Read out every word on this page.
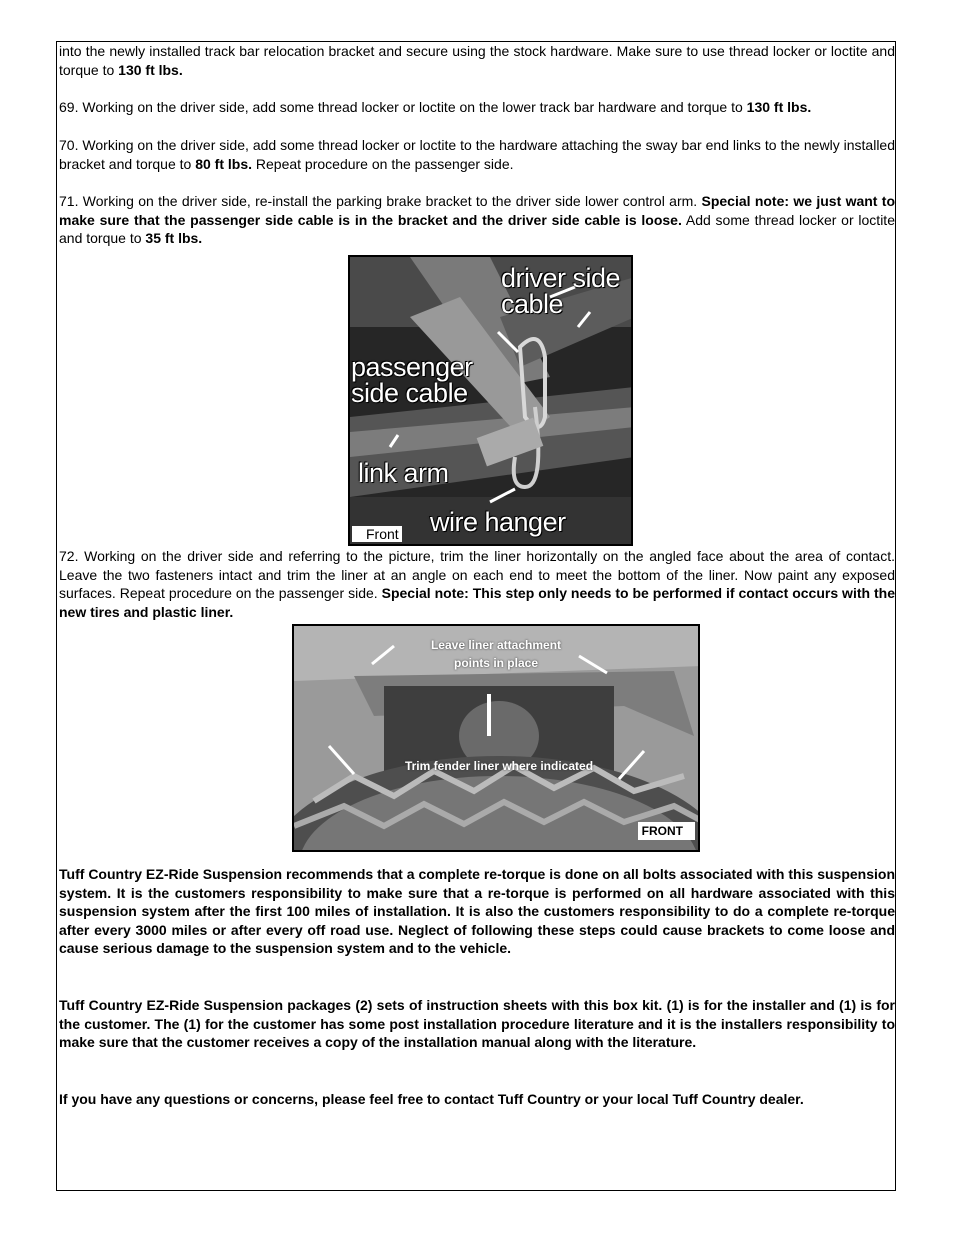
into the newly installed track bar relocation bracket and secure using the stock hardware. Make sure to use thread locker or loctite and torque to 130 ft lbs.

69. Working on the driver side, add some thread locker or loctite on the lower track bar hardware and torque to 130 ft lbs.

70. Working on the driver side, add some thread locker or loctite to the hardware attaching the sway bar end links to the newly installed bracket and torque to 80 ft lbs. Repeat procedure on the passenger side.

71. Working on the driver side, re-install the parking brake bracket to the driver side lower control arm. Special note: we just want to make sure that the passenger side cable is in the bracket and the driver side cable is loose. Add some thread locker or loctite and torque to 35 ft lbs.

driver side
cable
passenger
side cable
link arm
wire hanger
Front

72. Working on the driver side and referring to the picture, trim the liner horizontally on the angled face about the area of contact. Leave the two fasteners intact and trim the liner at an angle on each end to meet the bottom of the liner. Now paint any exposed surfaces. Repeat procedure on the passenger side. Special note: This step only needs to be performed if contact occurs with the new tires and plastic liner.

Leave liner attachment
points in place
Trim fender liner where indicated
FRONT

Tuff Country EZ-Ride Suspension recommends that a complete re-torque is done on all bolts associated with this suspension system. It is the customers responsibility to make sure that a re-torque is performed on all hardware associated with this suspension system after the first 100 miles of installation. It is also the customers responsibility to do a complete re-torque after every 3000 miles or after every off road use. Neglect of following these steps could cause brackets to come loose and cause serious damage to the suspension system and to the vehicle.

Tuff Country EZ-Ride Suspension packages (2) sets of instruction sheets with this box kit. (1) is for the installer and (1) is for the customer. The (1) for the customer has some post installation procedure literature and it is the installers responsibility to make sure that the customer receives a copy of the installation manual along with the literature.

If you have any questions or concerns, please feel free to contact Tuff Country or your local Tuff Country dealer.
